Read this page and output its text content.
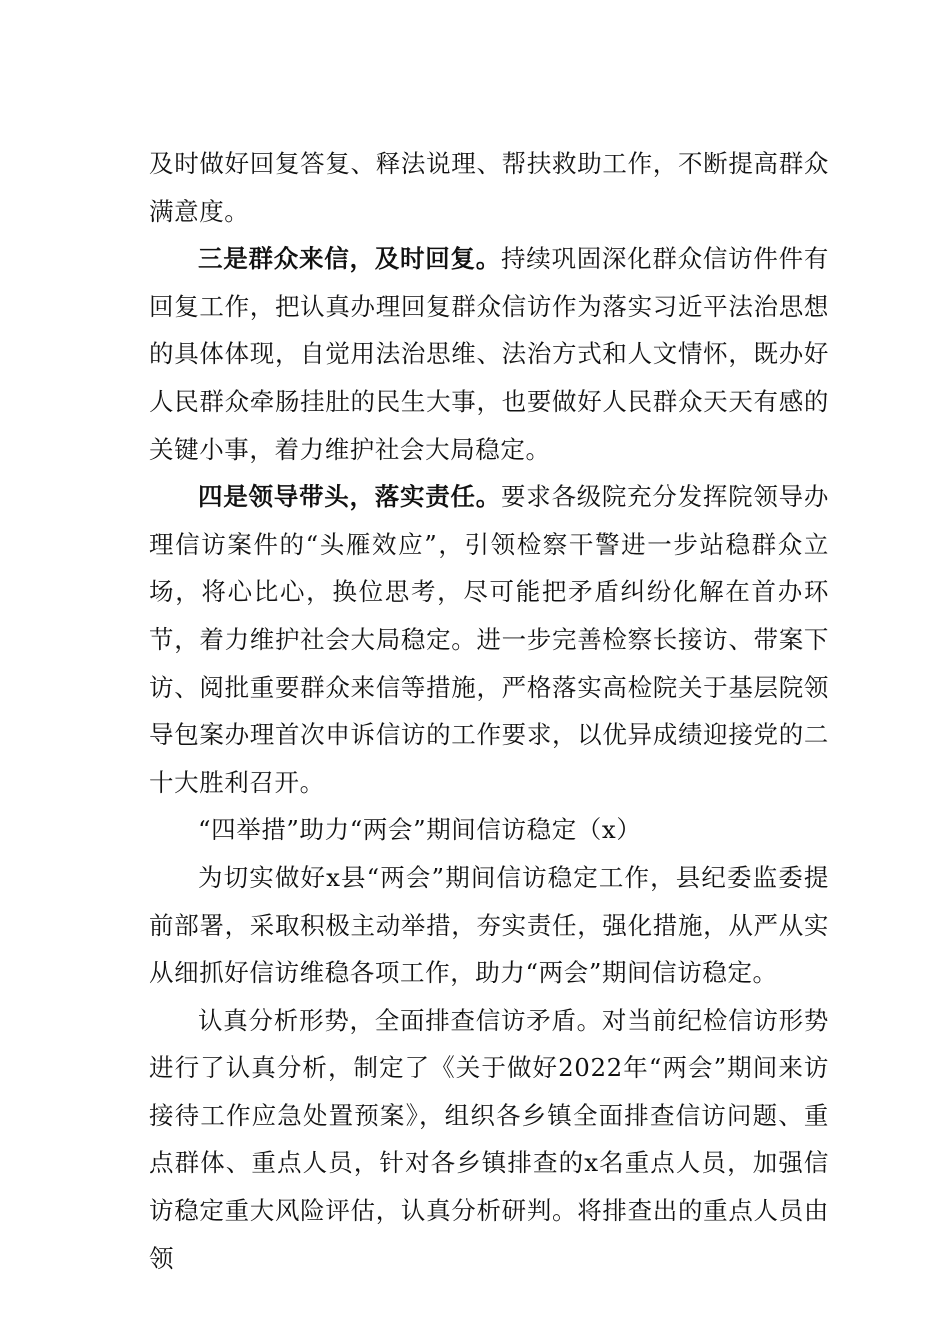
及时做好回复答复、释法说理、帮扶救助工作，不断提高群众满意度。

三是群众来信，及时回复。持续巩固深化群众信访件件有回复工作，把认真办理回复群众信访作为落实习近平法治思想的具体体现，自觉用法治思维、法治方式和人文情怀，既办好人民群众牵肠挂肚的民生大事，也要做好人民群众天天有感的关键小事，着力维护社会大局稳定。

四是领导带头，落实责任。要求各级院充分发挥院领导办理信访案件的“头雁效应”，引领检察干警进一步站稳群众立场，将心比心，换位思考，尽可能把矛盾纠纷化解在首办环节，着力维护社会大局稳定。进一步完善检察长接访、带案下访、阅批重要群众来信等措施，严格落实高检院关于基层院领导包案办理首次申诉信访的工作要求，以优异成绩迎接党的二十大胜利召开。

“四举措”助力“两会”期间信访稳定（x）

为切实做好x县“两会”期间信访稳定工作，县纪委监委提前部署，采取积极主动举措，夯实责任，强化措施，从严从实从细抓好信访维稳各项工作，助力“两会”期间信访稳定。

认真分析形势，全面排查信访矛盾。对当前纪检信访形势进行了认真分析，制定了《关于做好2022年“两会”期间来访接待工作应急处置预案》，组织各乡镇全面排查信访问题、重点群体、重点人员，针对各乡镇排查的x名重点人员，加强信访稳定重大风险评估，认真分析研判。将排查出的重点人员由领
